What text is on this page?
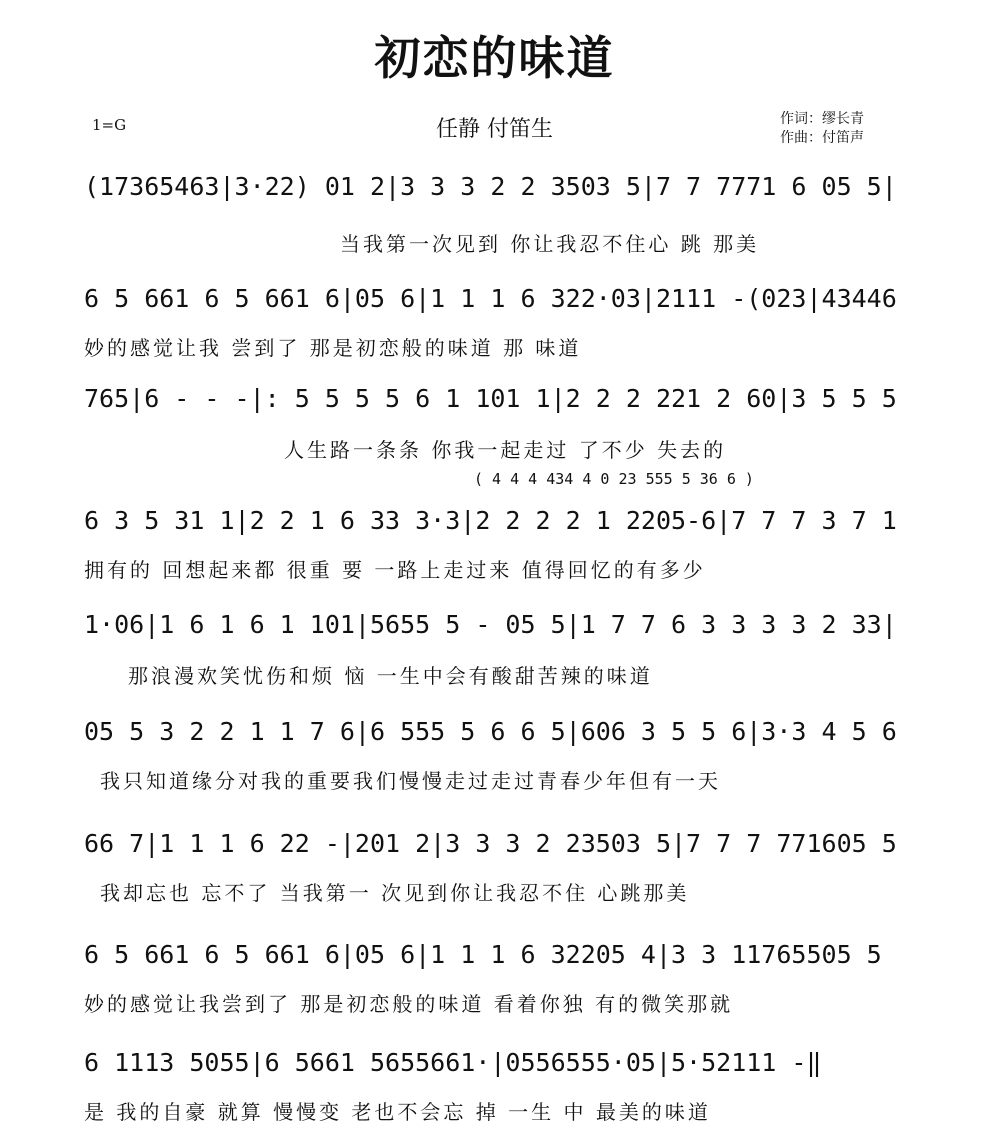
初恋的味道
1=G	任静 付笛生	作词：缪长青
作曲：付笛声
(17365463|3·22) 01 2|3 3 3 2 2 3503 5|7 7 7771 6 05 5|
当我第一次见到 你让我忍不住心 跳 那美
6 5 661 6 5 661 6|05 6|1 1 1 6 322·03|2111 -(023|43446
妙的感觉让我 尝到了 那是初恋般的味道 那 味道
765|6 - - -|: 5 5 5 5 6 1 101 1|2 2 2 221 2 60|3 5 5 5
人生路一条条 你我一起走过 了不少 失去的
( 4 4 4 434 4 0 23 555 5 36 6 )
6 3 5 31 1|2 2 1 6 33 3·3|2 2 2 2 1 2205-6|7 7 7 3 7 1
拥有的 回想起来都 很重 要 一路上走过来 值得回忆的有多少
1·06|1 6 1 6 1 101|5655 5 - 05 5|1 7 7 6 3 3 3 3 2 33|
那浪漫欢笑忧伤和烦 恼 一生中会有酸甜苦辣的味道
05 5 3 2 2 1 1 7 6|6 555 5 6 6 5|606 3 5 5 6|3·3 4 5 6
我只知道缘分对我的重要我们慢慢走过走过青春少年但有一天
66 7|1 1 1 6 22 -|201 2|3 3 3 2 23503 5|7 7 7 771605 5
我却忘也 忘不了 当我第一 次见到你让我忍不住 心跳那美
6 5 661 6 5 661 6|05 6|1 1 1 6 32205 4|3 3 11765505 5
妙的感觉让我尝到了 那是初恋般的味道 看着你独 有的微笑那就
6 1113 5055|6 5661 5655661·|0556555·05|5·52111 -‖
是 我的自豪 就算 慢慢变 老也不会忘 掉 一生 中 最美的味道
